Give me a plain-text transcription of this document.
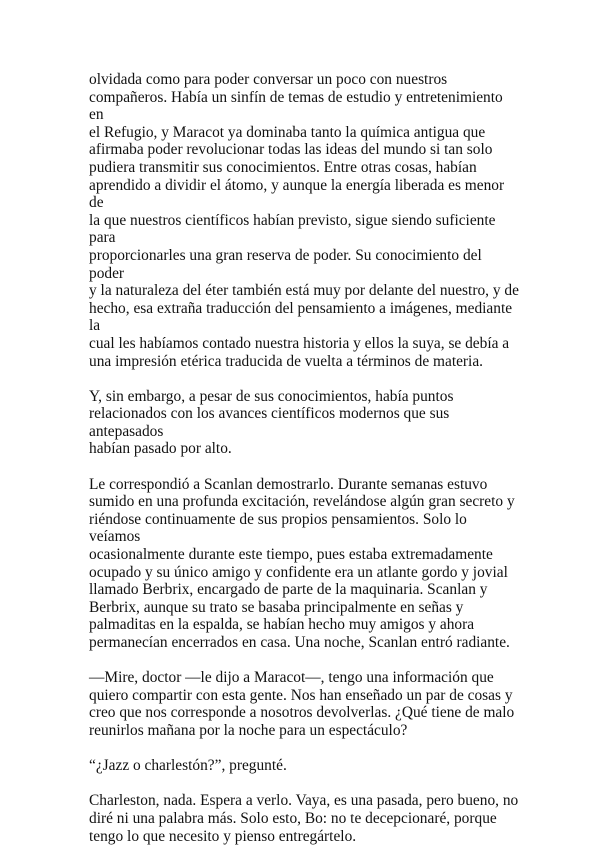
olvidada como para poder conversar un poco con nuestros
compañeros. Había un sinfín de temas de estudio y entretenimiento en
el Refugio, y Maracot ya dominaba tanto la química antigua que
afirmaba poder revolucionar todas las ideas del mundo si tan solo
pudiera transmitir sus conocimientos. Entre otras cosas, habían
aprendido a dividir el átomo, y aunque la energía liberada es menor de
la que nuestros científicos habían previsto, sigue siendo suficiente para
proporcionarles una gran reserva de poder. Su conocimiento del poder
y la naturaleza del éter también está muy por delante del nuestro, y de
hecho, esa extraña traducción del pensamiento a imágenes, mediante la
cual les habíamos contado nuestra historia y ellos la suya, se debía a
una impresión etérica traducida de vuelta a términos de materia.

Y, sin embargo, a pesar de sus conocimientos, había puntos
relacionados con los avances científicos modernos que sus antepasados
habían pasado por alto.

Le correspondió a Scanlan demostrarlo. Durante semanas estuvo
sumido en una profunda excitación, revelándose algún gran secreto y
riéndose continuamente de sus propios pensamientos. Solo lo veíamos
ocasionalmente durante este tiempo, pues estaba extremadamente
ocupado y su único amigo y confidente era un atlante gordo y jovial
llamado Berbrix, encargado de parte de la maquinaria. Scanlan y
Berbrix, aunque su trato se basaba principalmente en señas y
palmaditas en la espalda, se habían hecho muy amigos y ahora
permanecían encerrados en casa. Una noche, Scanlan entró radiante.

—Mire, doctor —le dijo a Maracot—, tengo una información que
quiero compartir con esta gente. Nos han enseñado un par de cosas y
creo que nos corresponde a nosotros devolverlas. ¿Qué tiene de malo
reunirlos mañana por la noche para un espectáculo?

“¿Jazz o charlestón?”, pregunté.

Charleston, nada. Espera a verlo. Vaya, es una pasada, pero bueno, no
diré ni una palabra más. Solo esto, Bo: no te decepcionaré, porque
tengo lo que necesito y pienso entregártelo.
